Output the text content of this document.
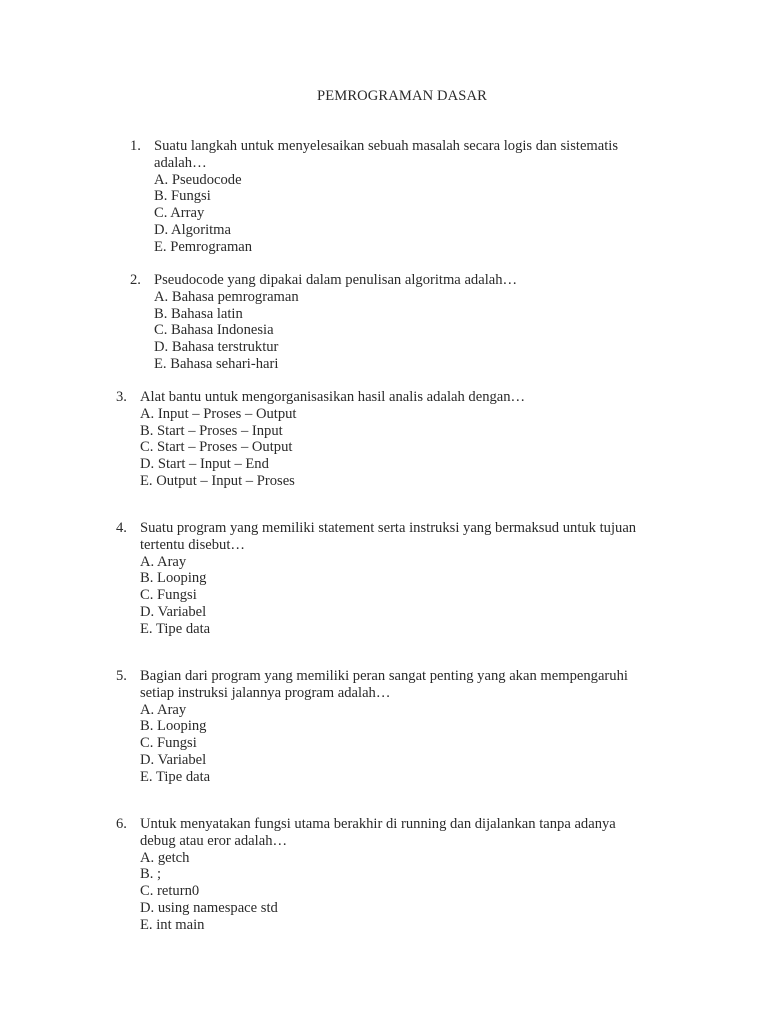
PEMROGRAMAN DASAR
1. Suatu langkah untuk menyelesaikan sebuah masalah secara logis dan sistematis
adalah…
A. Pseudocode
B. Fungsi
C. Array
D. Algoritma
E. Pemrograman
2. Pseudocode yang dipakai dalam penulisan algoritma adalah…
A. Bahasa pemrograman
B. Bahasa latin
C. Bahasa Indonesia
D. Bahasa terstruktur
E. Bahasa sehari-hari
3. Alat bantu untuk mengorganisasikan hasil analis adalah dengan…
A. Input – Proses – Output
B. Start – Proses – Input
C. Start – Proses – Output
D. Start – Input – End
E. Output – Input – Proses
4. Suatu program yang memiliki statement serta instruksi yang bermaksud untuk tujuan
tertentu disebut…
A. Aray
B. Looping
C. Fungsi
D. Variabel
E. Tipe data
5. Bagian dari program yang memiliki peran sangat penting yang akan mempengaruhi
setiap instruksi jalannya program adalah…
A. Aray
B. Looping
C. Fungsi
D. Variabel
E. Tipe data
6. Untuk menyatakan fungsi utama berakhir di running dan dijalankan tanpa adanya
debug atau eror adalah…
A. getch
B. ;
C. return0
D. using namespace std
E. int main
